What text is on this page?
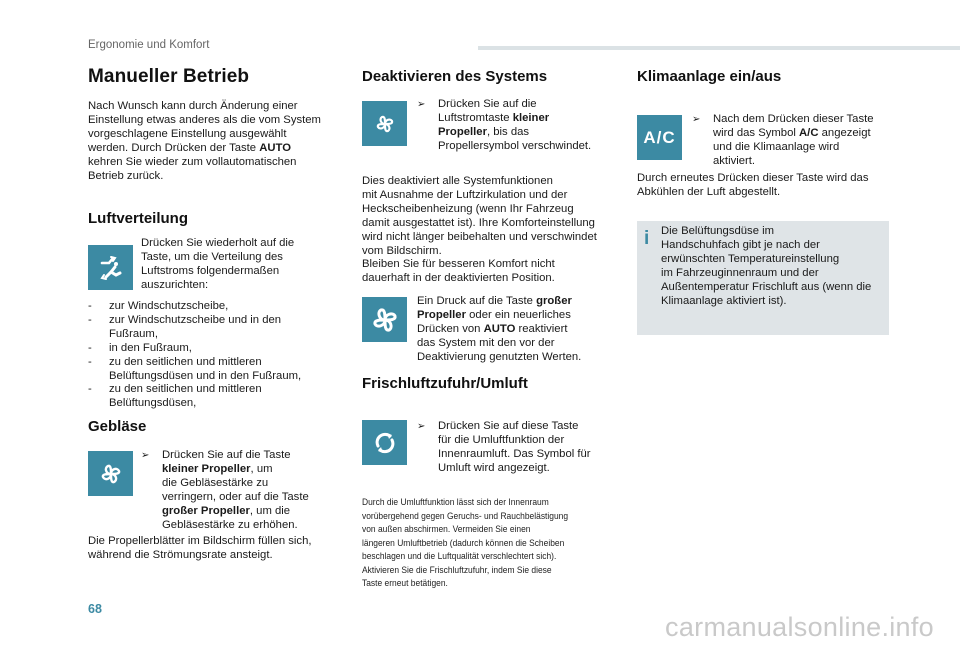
Ergonomie und Komfort
Manueller Betrieb
Nach Wunsch kann durch Änderung einer
Einstellung etwas anderes als die vom System
vorgeschlagene Einstellung ausgewählt
werden. Durch Drücken der Taste AUTO
kehren Sie wieder zum vollautomatischen
Betrieb zurück.
Luftverteilung
Drücken Sie wiederholt auf die
Taste, um die Verteilung des
Luftstroms folgendermaßen
auszurichten:
- zur Windschutzscheibe,
- zur Windschutzscheibe und in den
Fußraum,
- in den Fußraum,
- zu den seitlichen und mittleren
Belüftungsdüsen und in den Fußraum,
- zu den seitlichen und mittleren
Belüftungsdüsen,
Gebläse
➢ Drücken Sie auf die Taste
kleiner Propeller, um
die Gebläsestärke zu
verringern, oder auf die Taste
großer Propeller, um die
Gebläsestärke zu erhöhen.
Die Propellerblätter im Bildschirm füllen sich,
während die Strömungsrate ansteigt.
Deaktivieren des Systems
➢ Drücken Sie auf die
Luftstromtaste kleiner
Propeller, bis das
Propellersymbol verschwindet.
Dies deaktiviert alle Systemfunktionen
mit Ausnahme der Luftzirkulation und der
Heckscheibenheizung (wenn Ihr Fahrzeug
damit ausgestattet ist). Ihre Komforteinstellung
wird nicht länger beibehalten und verschwindet
vom Bildschirm.
Bleiben Sie für besseren Komfort nicht
dauerhaft in der deaktivierten Position.
Ein Druck auf die Taste großer
Propeller oder ein neuerliches
Drücken von AUTO reaktiviert
das System mit den vor der
Deaktivierung genutzten Werten.
Frischluftzufuhr/Umluft
➢ Drücken Sie auf diese Taste
für die Umluftfunktion der
Innenraumluft. Das Symbol für
Umluft wird angezeigt.
Durch die Umluftfunktion lässt sich der Innenraum
vorübergehend gegen Geruchs- und Rauchbelästigung
von außen abschirmen. Vermeiden Sie einen
längeren Umluftbetrieb (dadurch können die Scheiben
beschlagen und die Luftqualität verschlechtert sich).
Aktivieren Sie die Frischluftzufuhr, indem Sie diese
Taste erneut betätigen.
Klimaanlage ein/aus
A/C
➢ Nach dem Drücken dieser Taste
wird das Symbol A/C angezeigt
und die Klimaanlage wird
aktiviert.
Durch erneutes Drücken dieser Taste wird das
Abkühlen der Luft abgestellt.
i	Die Belüftungsdüse im
Handschuhfach gibt je nach der
erwünschten Temperatureinstellung
im Fahrzeuginnenraum und der
Außentemperatur Frischluft aus (wenn die
Klimaanlage aktiviert ist).
68
carmanualsonline.info
